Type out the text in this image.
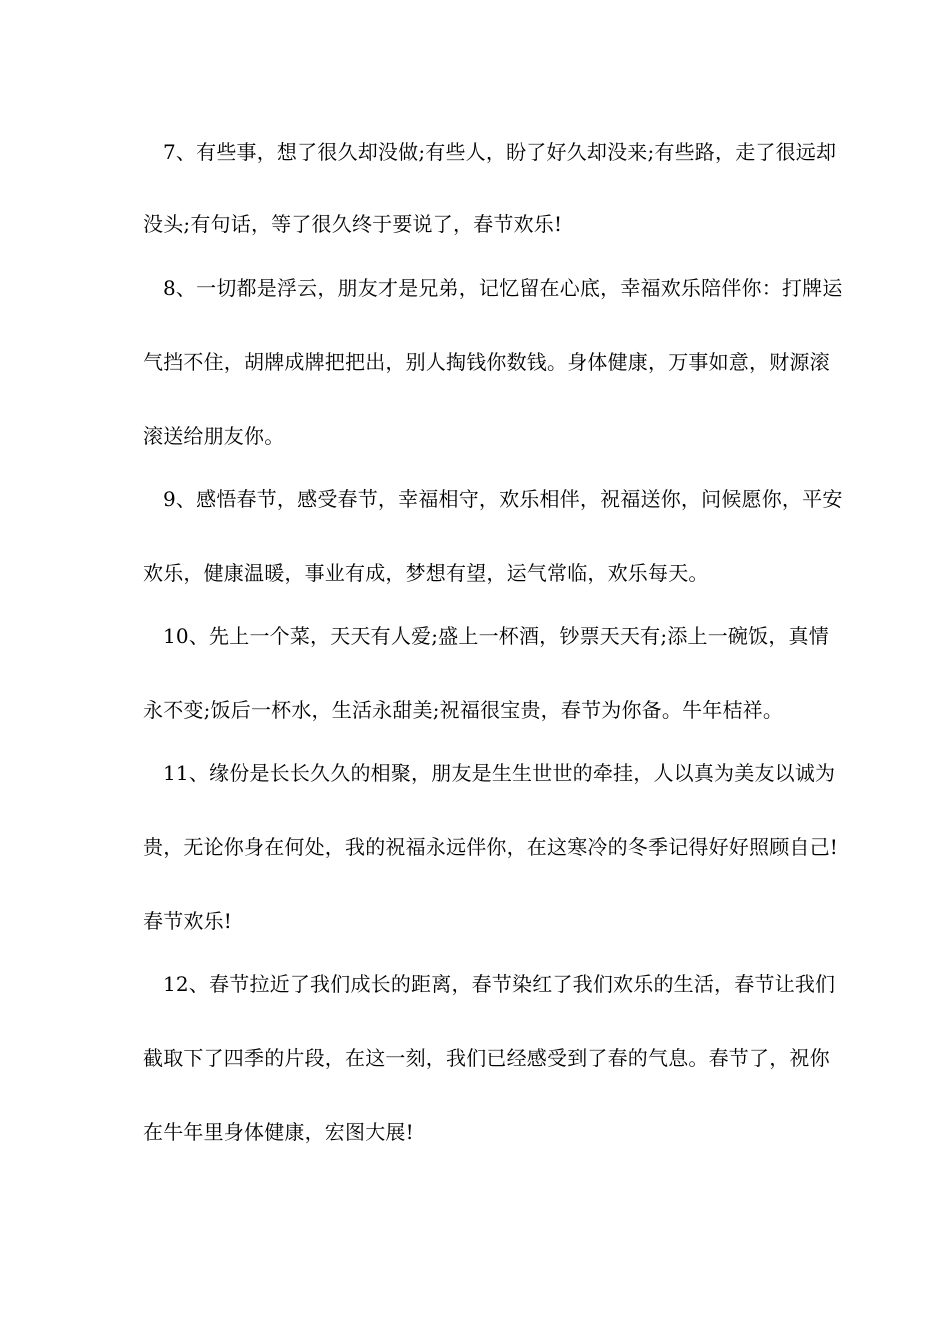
7、有些事，想了很久却没做;有些人，盼了好久却没来;有些路，走了很远却
没头;有句话，等了很久终于要说了，春节欢乐!
8、一切都是浮云，朋友才是兄弟，记忆留在心底，幸福欢乐陪伴你：打牌运
气挡不住，胡牌成牌把把出，别人掏钱你数钱。身体健康，万事如意，财源滚
滚送给朋友你。
9、感悟春节，感受春节，幸福相守，欢乐相伴，祝福送你，问候愿你，平安
欢乐，健康温暖，事业有成，梦想有望，运气常临，欢乐每天。
10、先上一个菜，天天有人爱;盛上一杯酒，钞票天天有;添上一碗饭，真情
永不变;饭后一杯水，生活永甜美;祝福很宝贵，春节为你备。牛年桔祥。
11、缘份是长长久久的相聚，朋友是生生世世的牵挂，人以真为美友以诚为
贵，无论你身在何处，我的祝福永远伴你，在这寒冷的冬季记得好好照顾自己!
春节欢乐!
12、春节拉近了我们成长的距离，春节染红了我们欢乐的生活，春节让我们
截取下了四季的片段，在这一刻，我们已经感受到了春的气息。春节了，祝你
在牛年里身体健康，宏图大展!
